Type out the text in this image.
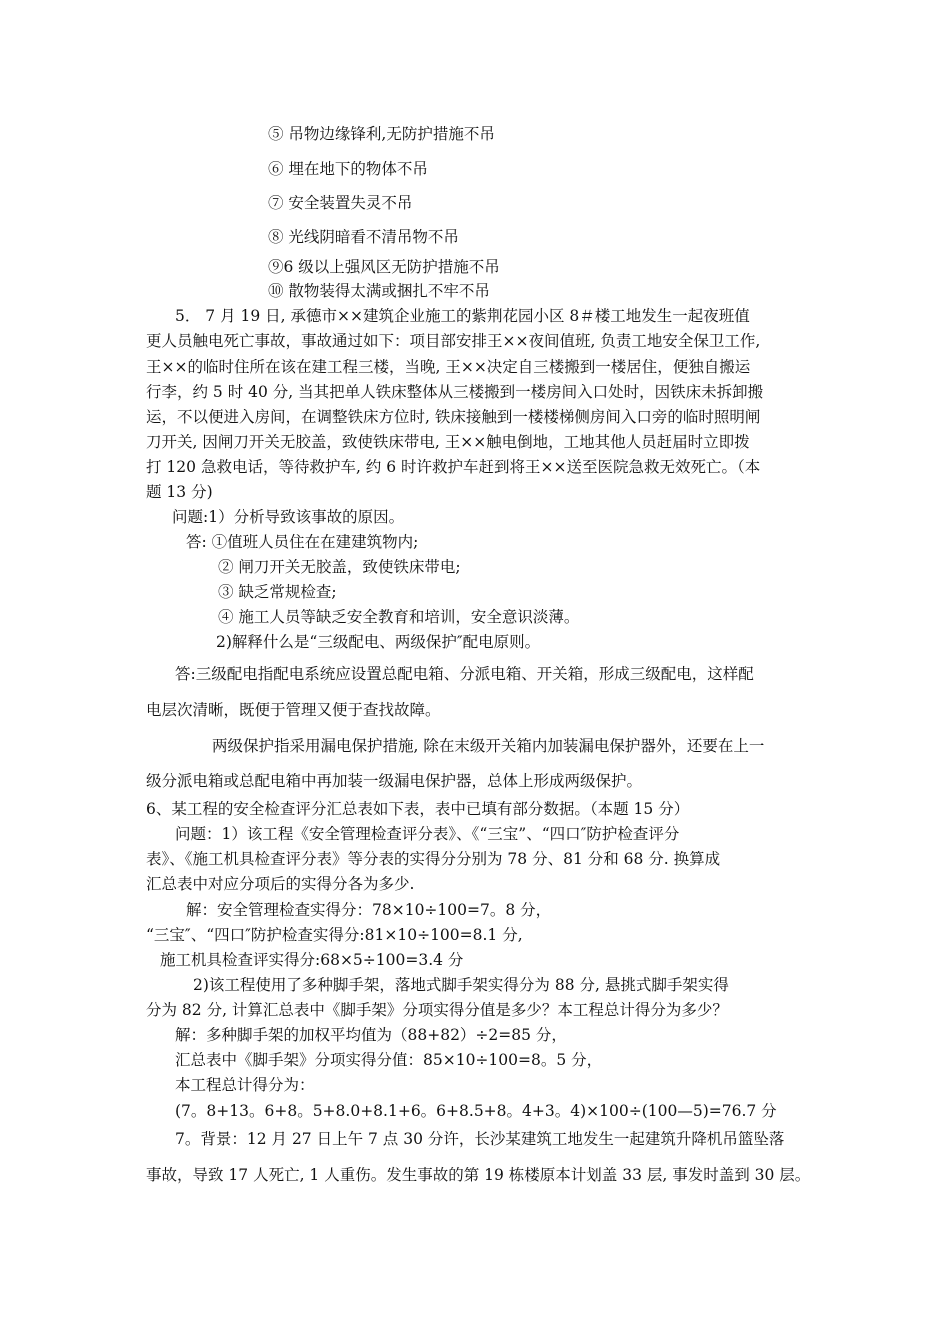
⑤ 吊物边缘锋利,无防护措施不吊
⑥ 埋在地下的物体不吊
⑦ 安全装置失灵不吊
⑧ 光线阴暗看不清吊物不吊
⑨6 级以上强风区无防护措施不吊
⑩ 散物装得太满或捆扎不牢不吊
5． 7 月 19 日, 承德市××建筑企业施工的紫荆花园小区 8＃楼工地发生一起夜班值
更人员触电死亡事故，事故通过如下：项目部安排王××夜间值班, 负责工地安全保卫工作,
王××的临时住所在该在建工程三楼，当晚, 王××决定自三楼搬到一楼居住，便独自搬运
行李，约 5 时 40 分, 当其把单人铁床整体从三楼搬到一楼房间入口处时，因铁床未拆卸搬
运，不以便进入房间，在调整铁床方位时, 铁床接触到一楼楼梯侧房间入口旁的临时照明闸
刀开关, 因闸刀开关无胶盖，致使铁床带电, 王××触电倒地，工地其他人员赶届时立即拨
打 120 急救电话，等待救护车, 约 6 时许救护车赶到将王××送至医院急救无效死亡。（本
题 13 分)
问题:1）分析导致该事故的原因。
答: ①值班人员住在在建建筑物内;
② 闸刀开关无胶盖，致使铁床带电;
③ 缺乏常规检查;
④ 施工人员等缺乏安全教育和培训，安全意识淡薄。
2)解释什么是“三级配电、两级保护″配电原则。
答:三级配电指配电系统应设置总配电箱、分派电箱、开关箱，形成三级配电，这样配
电层次清晰，既便于管理又便于查找故障。
两级保护指采用漏电保护措施, 除在末级开关箱内加装漏电保护器外，还要在上一
级分派电箱或总配电箱中再加装一级漏电保护器，总体上形成两级保护。
6、某工程的安全检查评分汇总表如下表，表中已填有部分数据。（本题 15 分）
问题：1）该工程《安全管理检查评分表》、《“三宝”、“四口″防护检查评分
表》、《施工机具检查评分表》等分表的实得分分别为 78 分、81 分和 68 分. 换算成
汇总表中对应分项后的实得分各为多少.
解：安全管理检查实得分：78×10÷100=7。8 分，
“三宝″、“四口″防护检查实得分:81×10÷100=8.1 分,
施工机具检查评实得分:68×5÷100=3.4 分
2)该工程使用了多种脚手架，落地式脚手架实得分为 88 分, 悬挑式脚手架实得
分为 82 分, 计算汇总表中《脚手架》分项实得分值是多少？本工程总计得分为多少？
解：多种脚手架的加权平均值为（88+82）÷2=85 分，
汇总表中《脚手架》分项实得分值：85×10÷100=8。5 分，
本工程总计得分为：
(7。8+13。6+8。5+8.0+8.1+6。6+8.5+8。4+3。4)×100÷(100—5)=76.7 分
7。背景：12 月 27 日上午 7 点 30 分许，长沙某建筑工地发生一起建筑升降机吊篮坠落
事故，导致 17 人死亡, 1 人重伤。发生事故的第 19 栋楼原本计划盖 33 层, 事发时盖到 30 层。
